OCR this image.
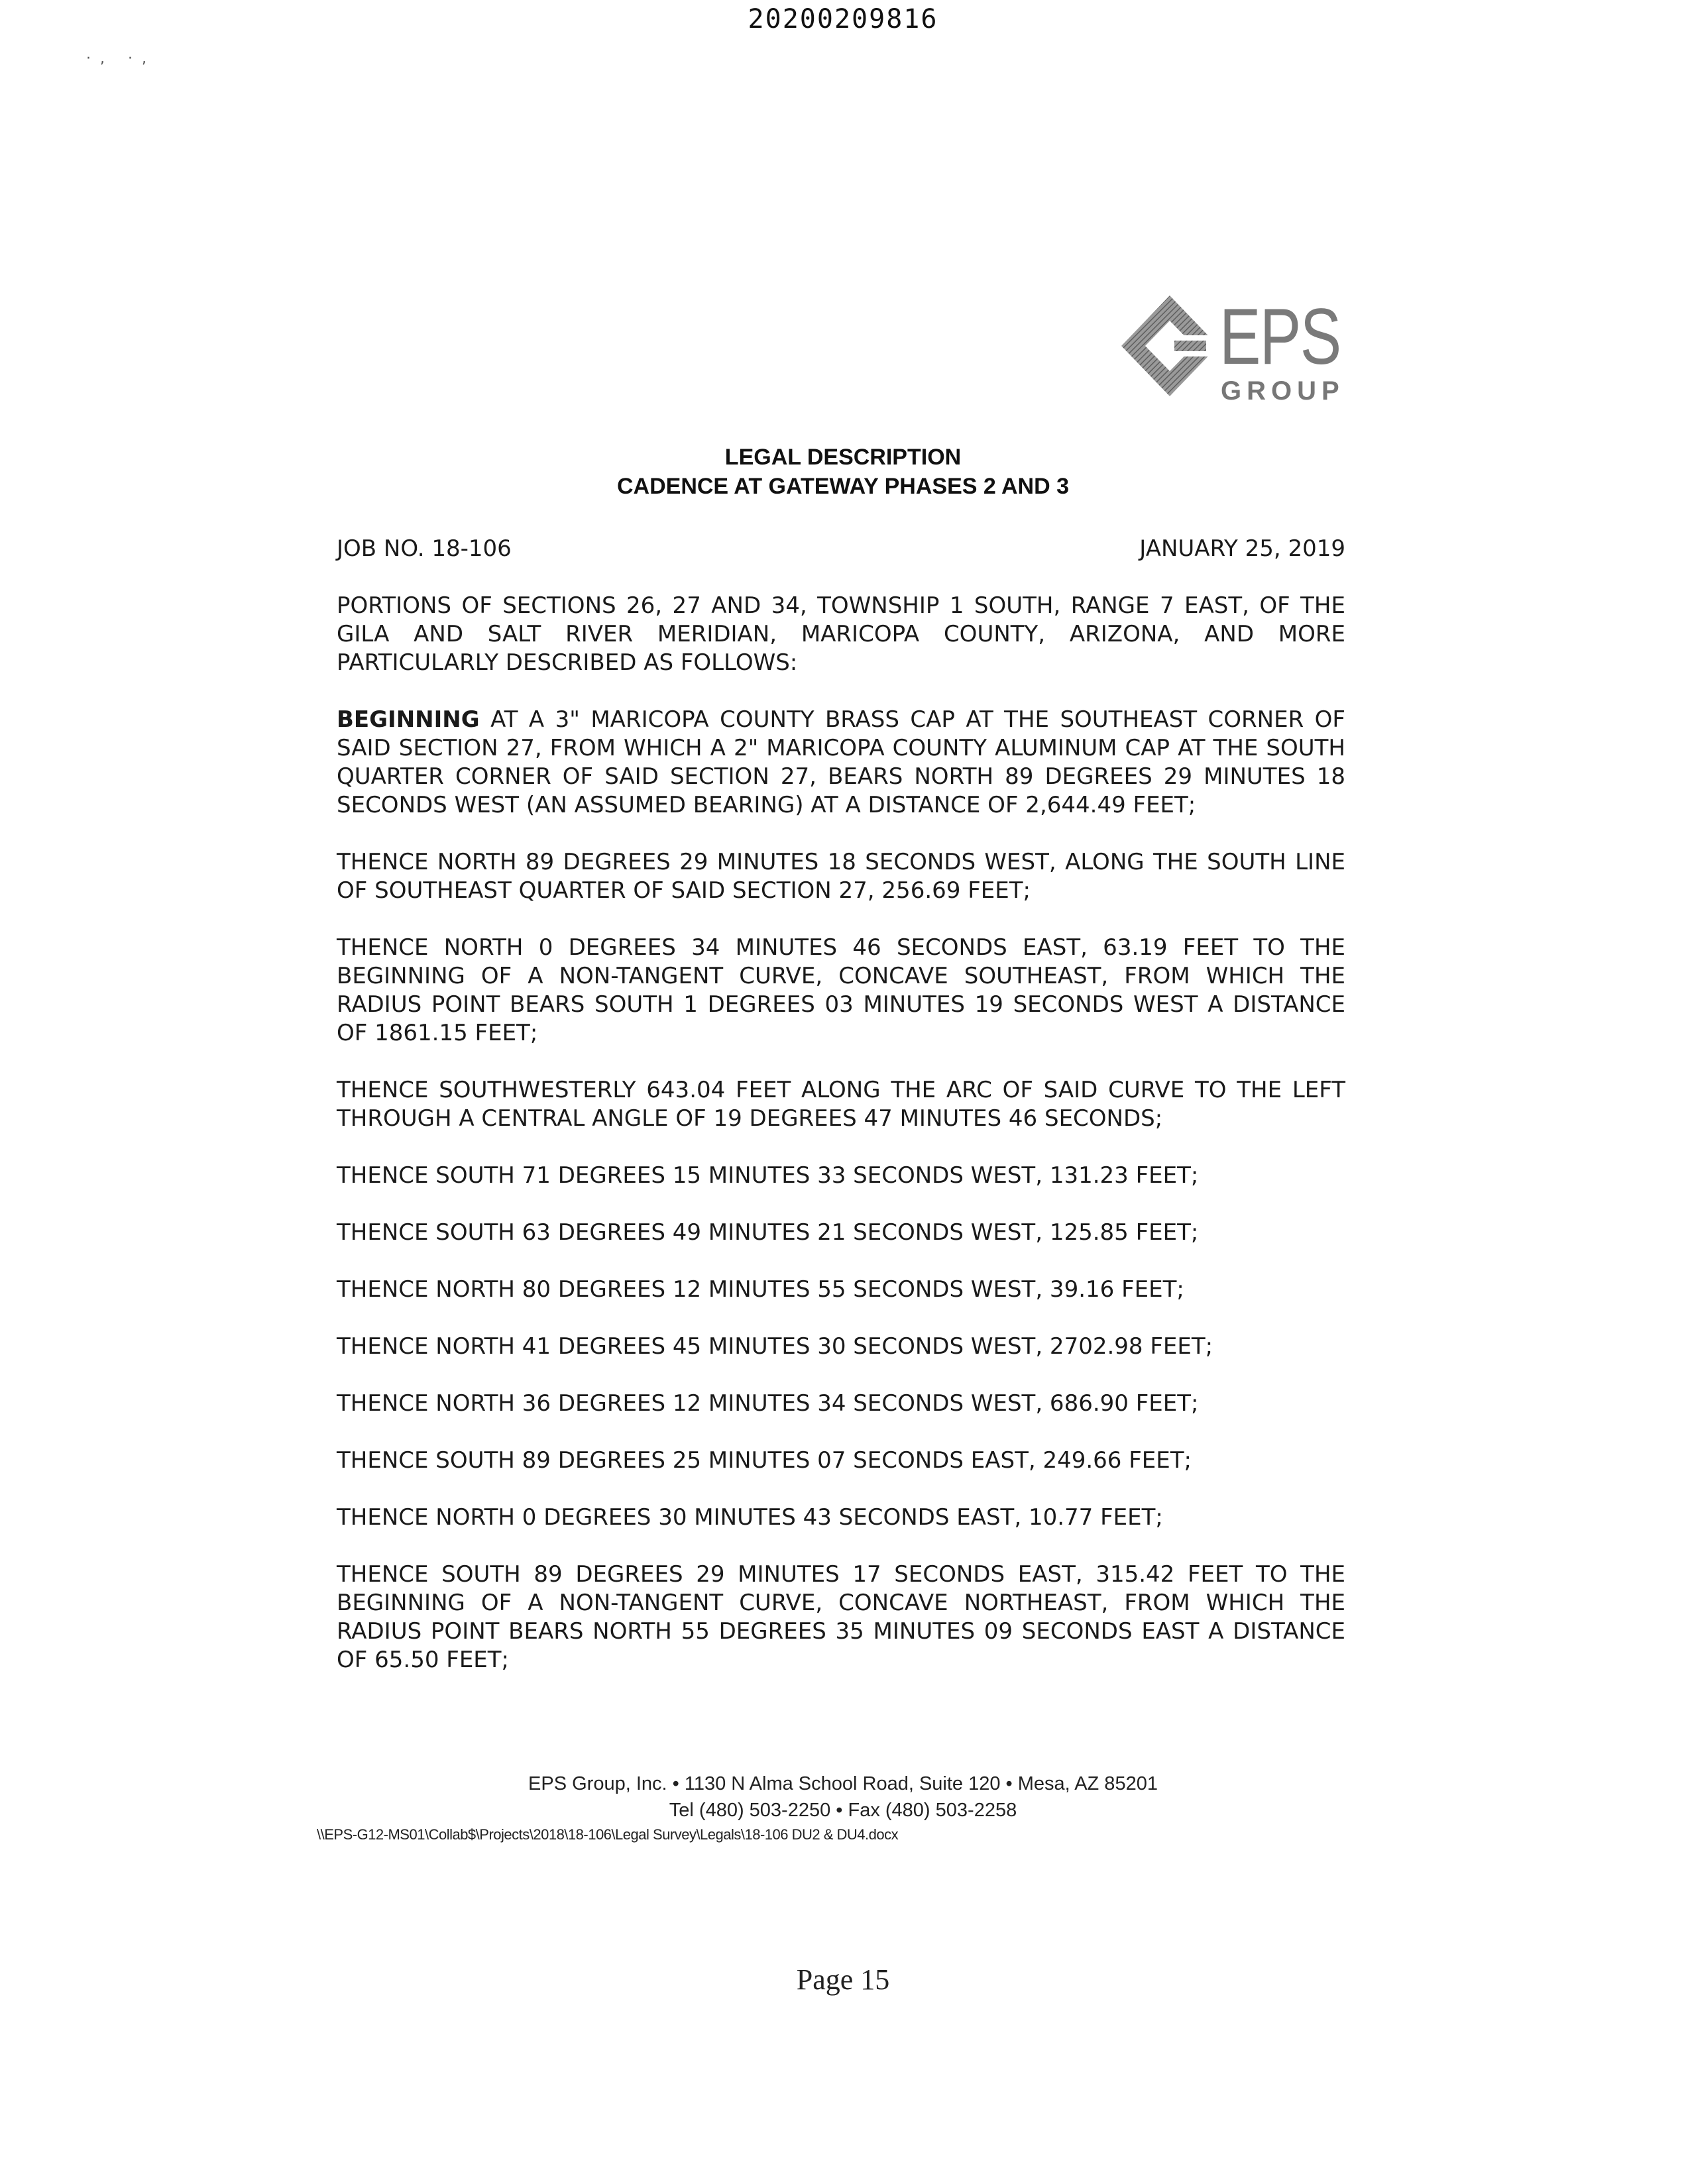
20200209816
·, ·,
EPS
GROUP
LEGAL DESCRIPTION
CADENCE AT GATEWAY PHASES 2 AND 3
JOB NO. 18-106	JANUARY 25, 2019

PORTIONS OF SECTIONS 26, 27 AND 34, TOWNSHIP 1 SOUTH, RANGE 7 EAST, OF THE GILA AND SALT RIVER MERIDIAN, MARICOPA COUNTY, ARIZONA, AND MORE PARTICULARLY DESCRIBED AS FOLLOWS:

BEGINNING AT A 3" MARICOPA COUNTY BRASS CAP AT THE SOUTHEAST CORNER OF SAID SECTION 27, FROM WHICH A 2" MARICOPA COUNTY ALUMINUM CAP AT THE SOUTH QUARTER CORNER OF SAID SECTION 27, BEARS NORTH 89 DEGREES 29 MINUTES 18 SECONDS WEST (AN ASSUMED BEARING) AT A DISTANCE OF 2,644.49 FEET;

THENCE NORTH 89 DEGREES 29 MINUTES 18 SECONDS WEST, ALONG THE SOUTH LINE OF SOUTHEAST QUARTER OF SAID SECTION 27, 256.69 FEET;

THENCE NORTH 0 DEGREES 34 MINUTES 46 SECONDS EAST, 63.19 FEET TO THE BEGINNING OF A NON-TANGENT CURVE, CONCAVE SOUTHEAST, FROM WHICH THE RADIUS POINT BEARS SOUTH 1 DEGREES 03 MINUTES 19 SECONDS WEST A DISTANCE OF 1861.15 FEET;

THENCE SOUTHWESTERLY 643.04 FEET ALONG THE ARC OF SAID CURVE TO THE LEFT THROUGH A CENTRAL ANGLE OF 19 DEGREES 47 MINUTES 46 SECONDS;

THENCE SOUTH 71 DEGREES 15 MINUTES 33 SECONDS WEST, 131.23 FEET;

THENCE SOUTH 63 DEGREES 49 MINUTES 21 SECONDS WEST, 125.85 FEET;

THENCE NORTH 80 DEGREES 12 MINUTES 55 SECONDS WEST, 39.16 FEET;

THENCE NORTH 41 DEGREES 45 MINUTES 30 SECONDS WEST, 2702.98 FEET;

THENCE NORTH 36 DEGREES 12 MINUTES 34 SECONDS WEST, 686.90 FEET;

THENCE SOUTH 89 DEGREES 25 MINUTES 07 SECONDS EAST, 249.66 FEET;

THENCE NORTH 0 DEGREES 30 MINUTES 43 SECONDS EAST, 10.77 FEET;

THENCE SOUTH 89 DEGREES 29 MINUTES 17 SECONDS EAST, 315.42 FEET TO THE BEGINNING OF A NON-TANGENT CURVE, CONCAVE NORTHEAST, FROM WHICH THE RADIUS POINT BEARS NORTH 55 DEGREES 35 MINUTES 09 SECONDS EAST A DISTANCE OF 65.50 FEET;

EPS Group, Inc. • 1130 N Alma School Road, Suite 120 • Mesa, AZ 85201
Tel (480) 503-2250 • Fax (480) 503-2258
\\EPS-G12-MS01\Collab$\Projects\2018\18-106\Legal Survey\Legals\18-106 DU2 & DU4.docx
Page 15
